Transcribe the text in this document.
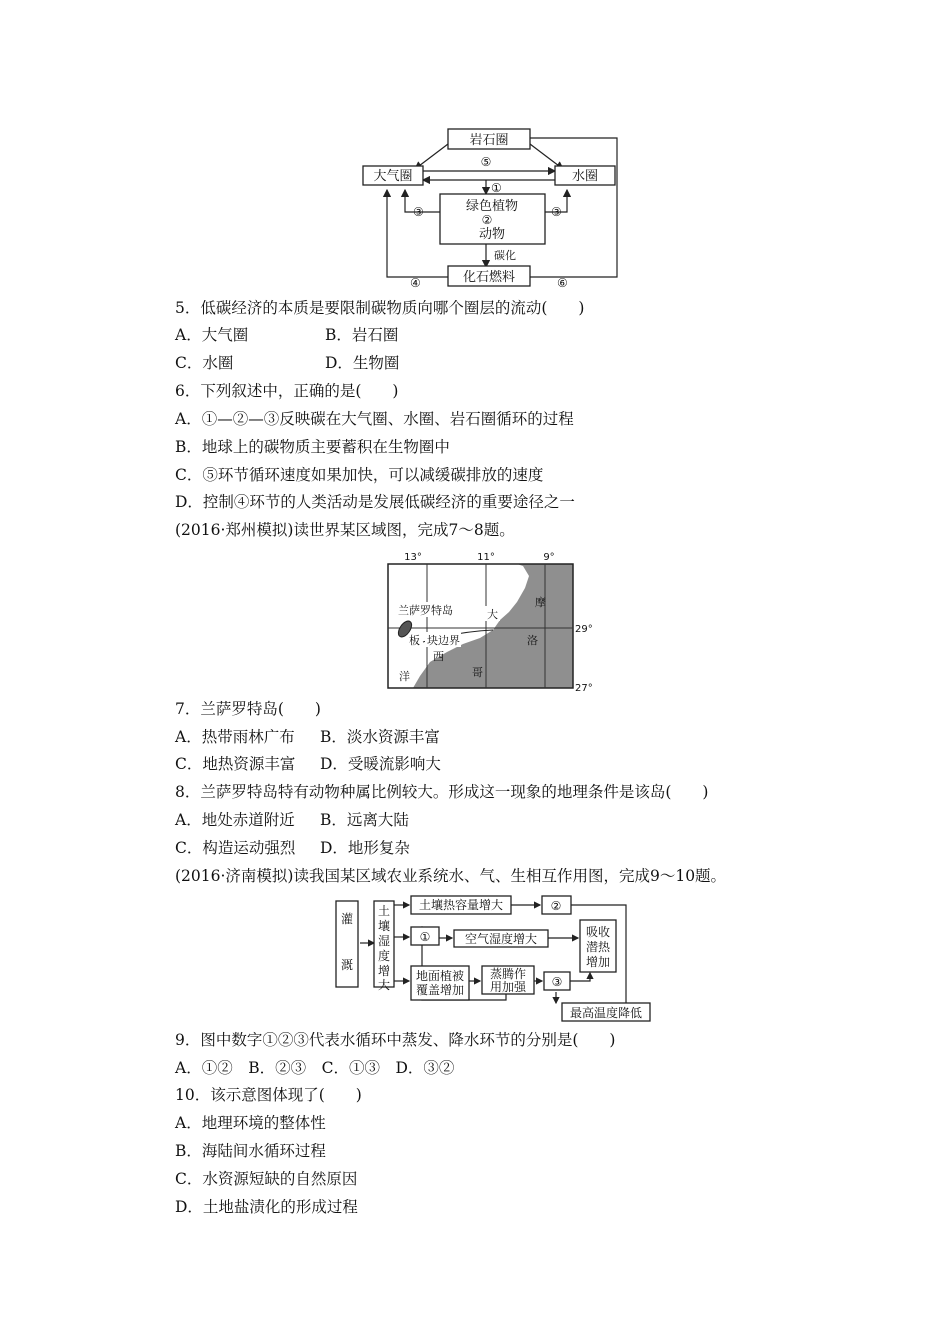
岩石圈
大气圈	水圈
绿色植物
②
动物
化石燃料
碳化
⑤
①
③	③
④	⑥
5．低碳经济的本质是要限制碳物质向哪个圈层的流动(　　)
A．大气圈	B．岩石圈
C．水圈	D．生物圈
6．下列叙述中，正确的是(　　)
A．①—②—③反映碳在大气圈、水圈、岩石圈循环的过程
B．地球上的碳物质主要蓄积在生物圈中
C．⑤环节循环速度如果加快，可以减缓碳排放的速度
D．控制④环节的人类活动是发展低碳经济的重要途径之一
(2016·郑州模拟)读世界某区域图，完成7～8题。
13°	11°	9°
29°
27°
兰萨罗特岛
板 块边界
西
洋
大
摩
洛
哥
7．兰萨罗特岛(　　)
A．热带雨林广布 B．淡水资源丰富
C．地热资源丰富 D．受暖流影响大
8．兰萨罗特岛特有动物种属比例较大。形成这一现象的地理条件是该岛(　　)
A．地处赤道附近 B．远离大陆
C．构造运动强烈 D．地形复杂
(2016·济南模拟)读我国某区域农业系统水、气、生相互作用图，完成9～10题。
灌
溉
土
壤
湿
度
增
大
土壤热容量增大	②
①	空气湿度增大	吸收
潜热
增加
地面植被
覆盖增加
蒸腾作
用加强 ③
最高温度降低
9．图中数字①②③代表水循环中蒸发、降水环节的分别是(　　)
A．①②　B．②③　C．①③　D．③②
10．该示意图体现了(　　)
A．地理环境的整体性
B．海陆间水循环过程
C．水资源短缺的自然原因
D．土地盐渍化的形成过程
